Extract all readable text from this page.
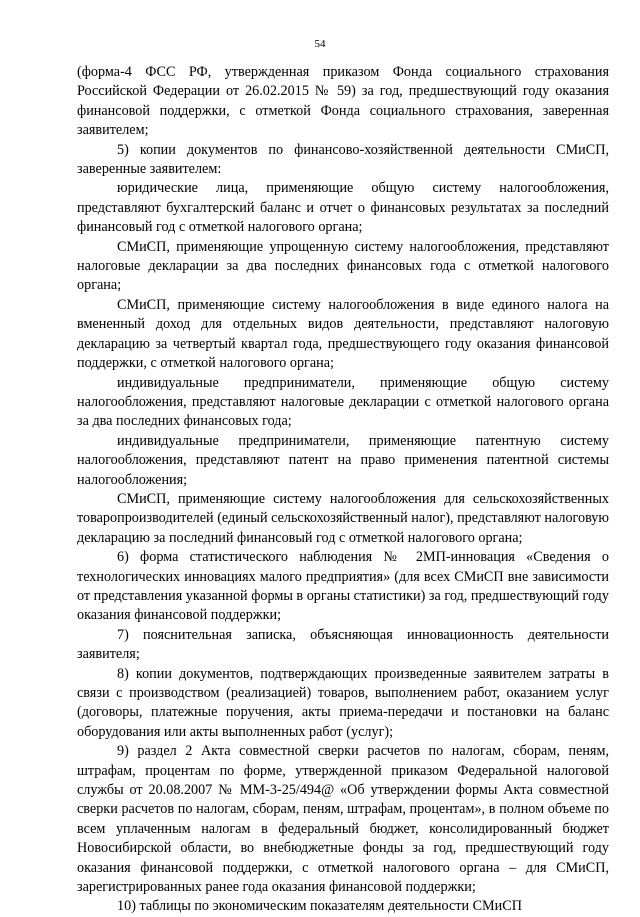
54

(форма-4 ФСС РФ, утвержденная приказом Фонда социального страхования Российской Федерации от 26.02.2015 № 59) за год, предшествующий году оказания финансовой поддержки, с отметкой Фонда социального страхования, заверенная заявителем;

5) копии документов по финансово-хозяйственной деятельности СМиСП, заверенные заявителем:

юридические лица, применяющие общую систему налогообложения, представляют бухгалтерский баланс и отчет о финансовых результатах за последний финансовый год с отметкой налогового органа;

СМиСП, применяющие упрощенную систему налогообложения, представляют налоговые декларации за два последних финансовых года с отметкой налогового органа;

СМиСП, применяющие систему налогообложения в виде единого налога на вмененный доход для отдельных видов деятельности, представляют налоговую декларацию за четвертый квартал года, предшествующего году оказания финансовой поддержки, с отметкой налогового органа;

индивидуальные предприниматели, применяющие общую систему налогообложения, представляют налоговые декларации с отметкой налогового органа за два последних финансовых года;

индивидуальные предприниматели, применяющие патентную систему налогообложения, представляют патент на право применения патентной системы налогообложения;

СМиСП, применяющие систему налогообложения для сельскохозяйственных товаропроизводителей (единый сельскохозяйственный налог), представляют налоговую декларацию за последний финансовый год с отметкой налогового органа;

6) форма статистического наблюдения № 2МП-инновация «Сведения о технологических инновациях малого предприятия» (для всех СМиСП вне зависимости от представления указанной формы в органы статистики) за год, предшествующий году оказания финансовой поддержки;

7) пояснительная записка, объясняющая инновационность деятельности заявителя;

8) копии документов, подтверждающих произведенные заявителем затраты в связи с производством (реализацией) товаров, выполнением работ, оказанием услуг (договоры, платежные поручения, акты приема-передачи и постановки на баланс оборудования или акты выполненных работ (услуг);

9) раздел 2 Акта совместной сверки расчетов по налогам, сборам, пеням, штрафам, процентам по форме, утвержденной приказом Федеральной налоговой службы от 20.08.2007 № ММ-3-25/494@ «Об утверждении формы Акта совместной сверки расчетов по налогам, сборам, пеням, штрафам, процентам», в полном объеме по всем уплаченным налогам в федеральный бюджет, консолидированный бюджет Новосибирской области, во внебюджетные фонды за год, предшествующий году оказания финансовой поддержки, с отметкой налогового органа – для СМиСП, зарегистрированных ранее года оказания финансовой поддержки;

10) таблицы по экономическим показателям деятельности СМиСП
